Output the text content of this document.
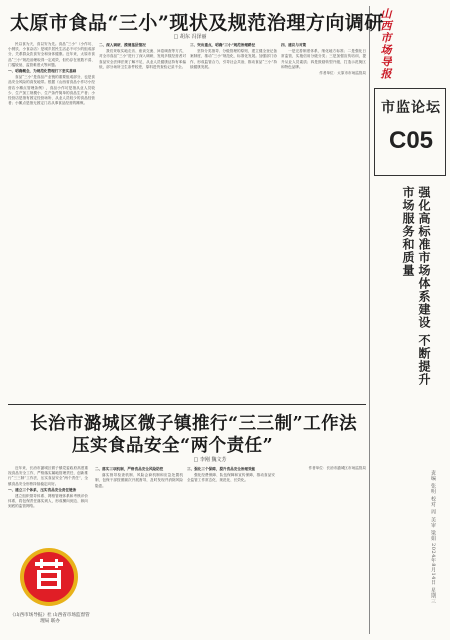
山西市场导报
市监论坛
C05
强化高标准市场体系建设 不断提升市场服务和质量
责编 张明 校对 周 美审 梁娟 2024年8月14日 星期三
太原市食品“三小”现状及规范治理方向调研
□ 胡东 冯泽丽

民以食为天，食以安为先。食品“三小”（小作坊、小餐饮、小食杂店）是城乡居民生活必不可少的组成部分，关系群众饮食安全和身体健康。近年来，太原市食品“三小”规范治理取得一定成效，但仍存在底数不清、门槛较低、监管难度大等问题。

一、明确概念，为规范化管理打下坚实基础

食品“三小”是食品产业链的重要组成部分，也是食品安全风险的高发地带。根据《山西省食品小作坊小经营店小摊点管理条例》，食品小作坊是指从业人员较少、生产加工规模小、生产条件简单的食品生产者；小经营店是指有固定经营场所、从业人员较少的食品经营者；小摊点是指无固定门店从事食品经营的摊贩。

二、深入调研，摸清基层情况

我们采取实地走访、座谈交流、问卷调查等方式，对全市食品“三小”进行了深入调研，发现多数经营者对食品安全法律法规了解不足，从业人员健康证持有率偏低，部分场所卫生条件较差，原料进货查验记录不全。

三、突出重点，明确“三小”规范治理路径

坚持分类指导、分级管理的原则，建立健全登记备案制度，推动“三小”规范化、标准化发展。加强部门协作，形成监管合力，引导社会共治，推动食品“三小”持续健康发展。

四、建议与对策

一是完善制度体系，细化地方标准；二是强化日常监管，实施信用分级分类；三是加强宣传培训，提升从业人员素质；四是鼓励转型升级，打造示范街区和特色品牌。

作者单位：太原市市场监管局

长治市潞城区微子镇推行“三三制”工作法
压实食品安全“两个责任”
□ 李刚 魏文芳

近年来，长治市潞城区微子镇党委政府高度重视食品安全工作，严格落实属地管理责任，创新推行“三三制”工作法，压实食品安全“两个责任”，全镇食品安全形势持续稳定向好。

一、建立三个体系，压实食品安全责任链条

建立组织领导体系、网格管理体系和考核评价体系，将包保责任落实到人，形成横向到边、纵向到底的监管网络。

二、落实三项机制，严格食品安全风险防控

落实督导检查机制、风险会商机制和应急处置机制，包保干部按照频次开展督导，及时发现并消除风险隐患。

三、强化三个保障，提升食品安全治理效能

强化经费保障、队伍保障和宣传保障，推动食品安全监管工作常态化、规范化、长效化。

作者单位：长治市潞城区市场监管局

《山西市场导报》社 山西省市场监督管理局 联办
